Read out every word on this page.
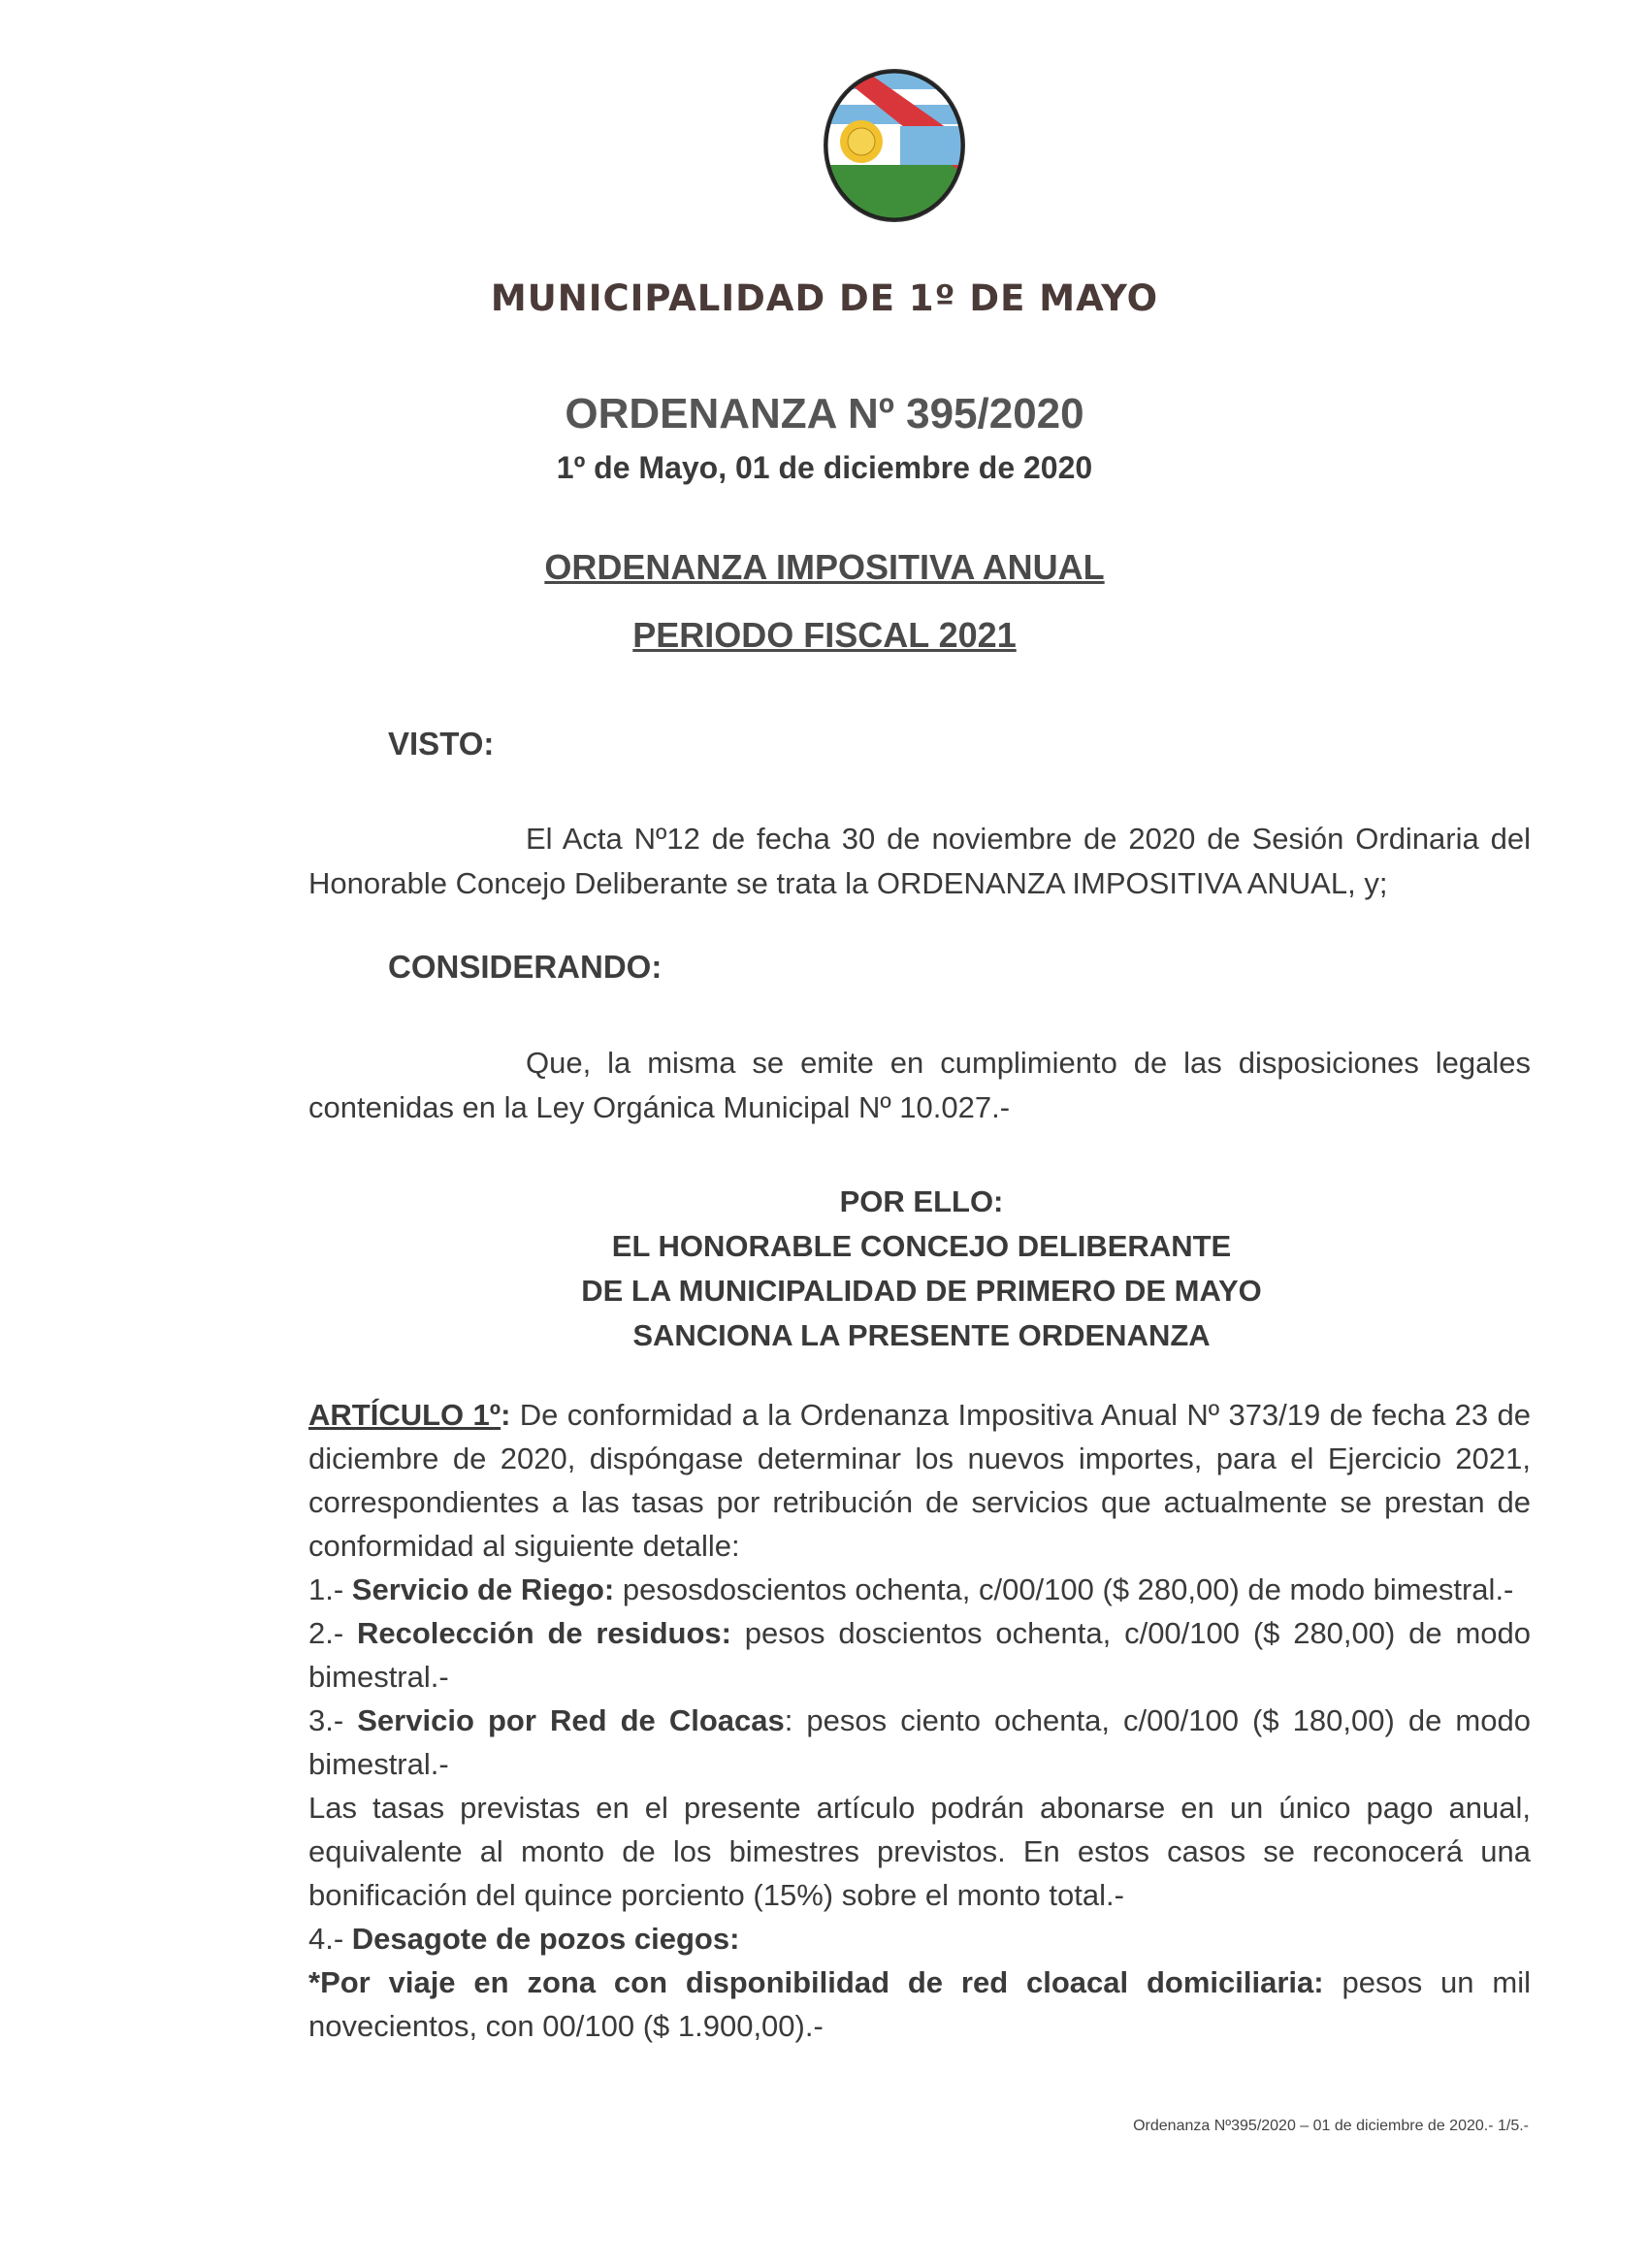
MUNICIPALIDAD DE 1º DE MAYO
ORDENANZA Nº 395/2020
1º de Mayo, 01 de diciembre de 2020
ORDENANZA IMPOSITIVA ANUAL
PERIODO FISCAL 2021
VISTO:
El Acta Nº12 de fecha 30 de noviembre de 2020 de Sesión Ordinaria del Honorable Concejo Deliberante se trata la ORDENANZA IMPOSITIVA ANUAL, y;
CONSIDERANDO:
Que, la misma se emite en cumplimiento de las disposiciones legales contenidas en la Ley Orgánica Municipal Nº 10.027.-
POR ELLO:
EL HONORABLE CONCEJO DELIBERANTE
DE LA MUNICIPALIDAD DE PRIMERO DE MAYO
SANCIONA LA PRESENTE ORDENANZA

ARTÍCULO 1º: De conformidad a la Ordenanza Impositiva Anual Nº 373/19 de fecha 23 de diciembre de 2020, dispóngase determinar los nuevos importes, para el Ejercicio 2021, correspondientes a las tasas por retribución de servicios que actualmente se prestan de conformidad al siguiente detalle:

1.- Servicio de Riego: pesosdoscientos ochenta, c/00/100 ($ 280,00) de modo bimestral.-

2.- Recolección de residuos: pesos doscientos ochenta, c/00/100 ($ 280,00) de modo bimestral.-

3.- Servicio por Red de Cloacas: pesos ciento ochenta, c/00/100 ($ 180,00) de modo bimestral.-

Las tasas previstas en el presente artículo podrán abonarse en un único pago anual, equivalente al monto de los bimestres previstos. En estos casos se reconocerá una bonificación del quince porciento (15%) sobre el monto total.-

4.- Desagote de pozos ciegos:

*Por viaje en zona con disponibilidad de red cloacal domiciliaria: pesos un mil novecientos, con 00/100 ($ 1.900,00).-

Ordenanza Nº395/2020 – 01 de diciembre de 2020.- 1/5.-
